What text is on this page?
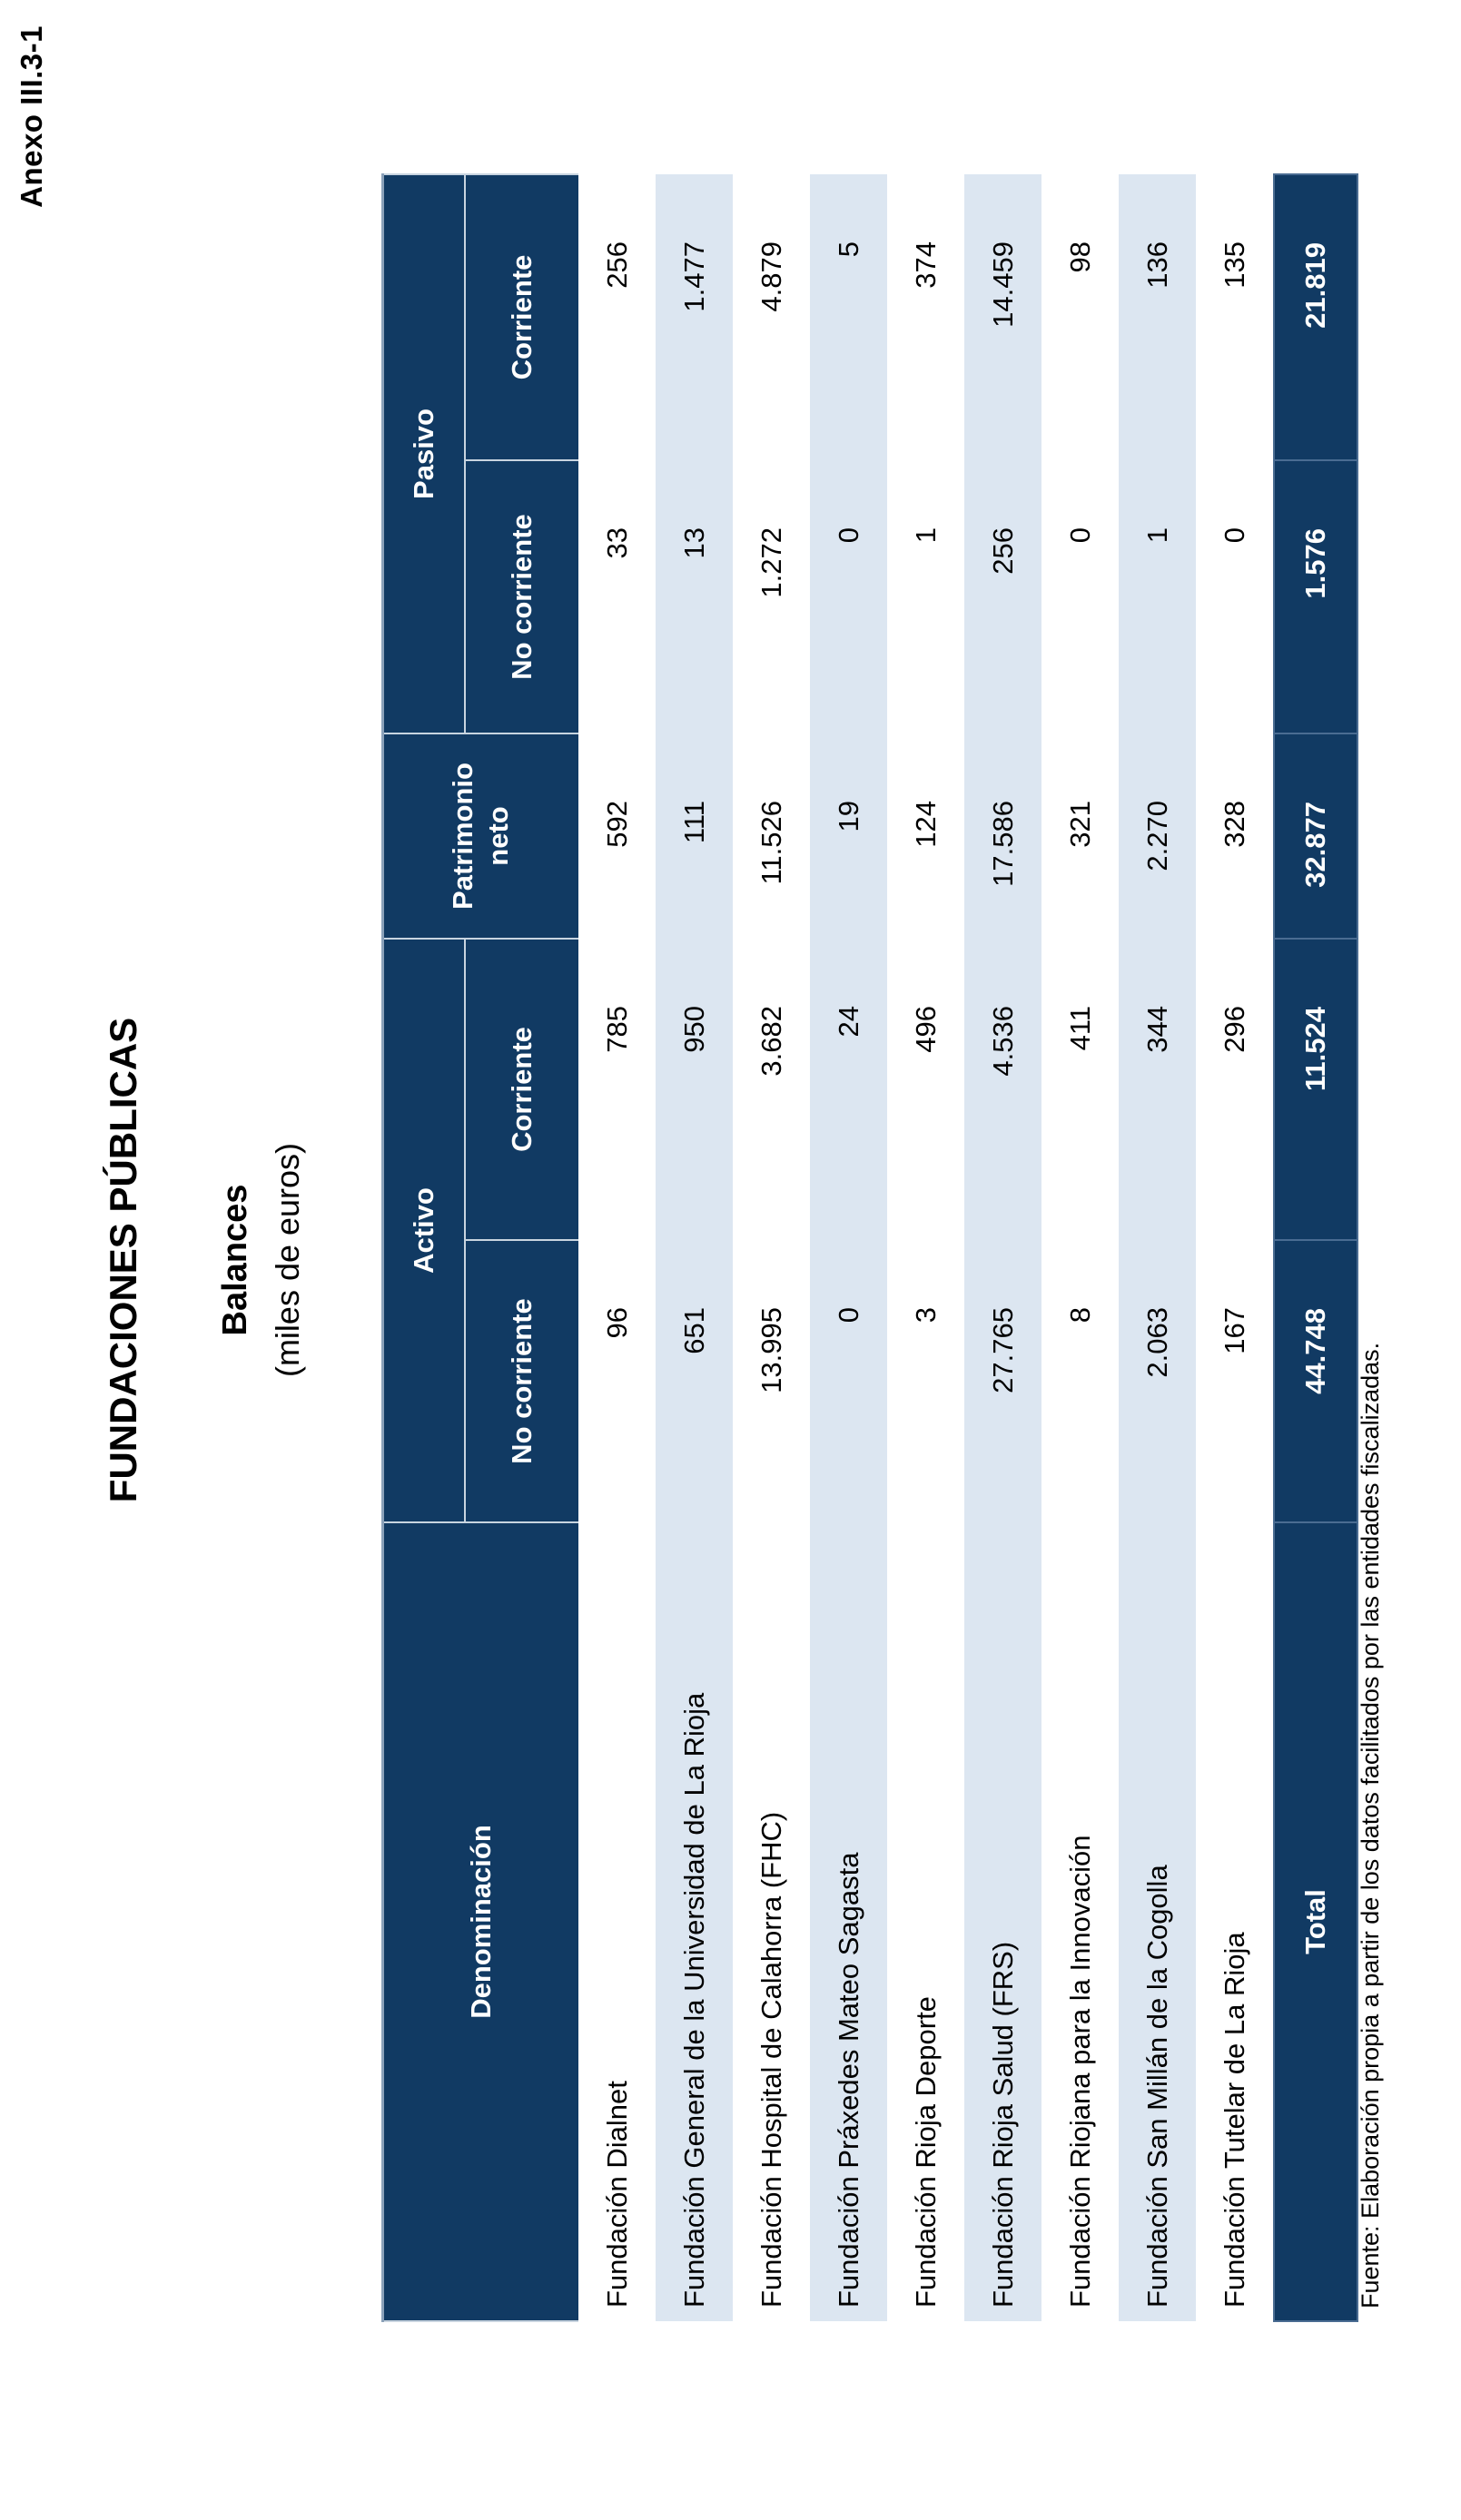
Anexo III.3-1
FUNDACIONES PÚBLICAS Balances (miles de euros)
Denominación	Activo		Patrimonio neto	Pasivo	
	No corriente	Corriente		No corriente	Corriente
Fundación Dialnet	96	785	592	33	256
Fundación General de la Universidad de La Rioja	651	950	111	13	1.477
Fundación Hospital de Calahorra (FHC)	13.995	3.682	11.526	1.272	4.879
Fundación Práxedes Mateo Sagasta	0	24	19	0	5
Fundación Rioja Deporte	3	496	124	1	374
Fundación Rioja Salud (FRS)	27.765	4.536	17.586	256	14.459
Fundación Riojana para la Innovación	8	411	321	0	98
Fundación San Millán de la Cogolla	2.063	344	2.270	1	136
Fundación Tutelar de La Rioja	167	296	328	0	135
Total	44.748	11.524	32.877	1.576	21.819
Fuente: Elaboración propia a partir de los datos facilitados por las entidades fiscalizadas.
